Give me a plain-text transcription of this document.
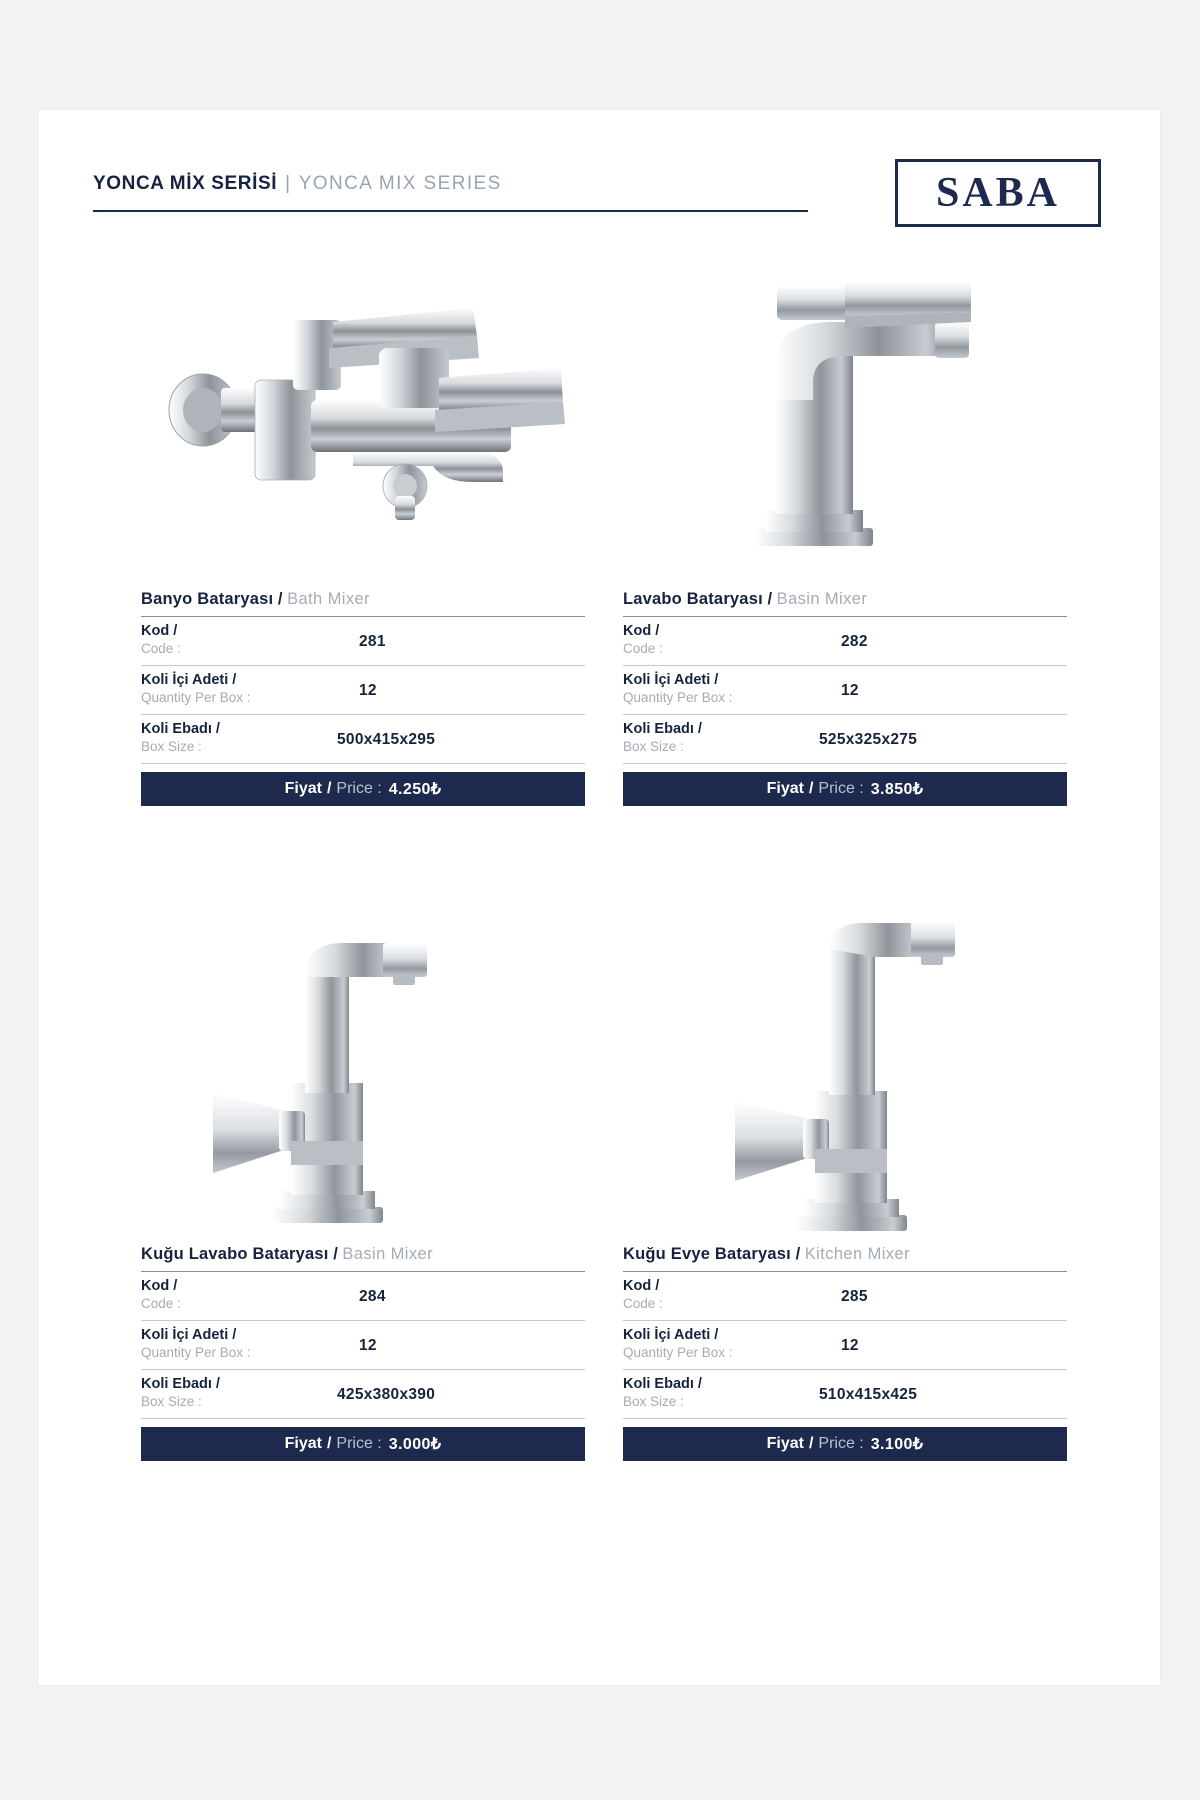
YONCA MİX SERİSİ | YONCA MIX SERIES	SABA
Banyo Bataryası / Bath Mixer
Kod /
Code :	281
Koli İçi Adeti /
Quantity Per Box :	12
Koli Ebadı /
Box Size :	500x415x295
Fiyat / Price : 4.250₺
Lavabo Bataryası / Basin Mixer
Kod /
Code :	282
Koli İçi Adeti /
Quantity Per Box :	12
Koli Ebadı /
Box Size :	525x325x275
Fiyat / Price : 3.850₺
Kuğu Lavabo Bataryası / Basin Mixer
Kod /
Code :	284
Koli İçi Adeti /
Quantity Per Box :	12
Koli Ebadı /
Box Size :	425x380x390
Fiyat / Price : 3.000₺
Kuğu Evye Bataryası / Kitchen Mixer
Kod /
Code :	285
Koli İçi Adeti /
Quantity Per Box :	12
Koli Ebadı /
Box Size :	510x415x425
Fiyat / Price : 3.100₺
